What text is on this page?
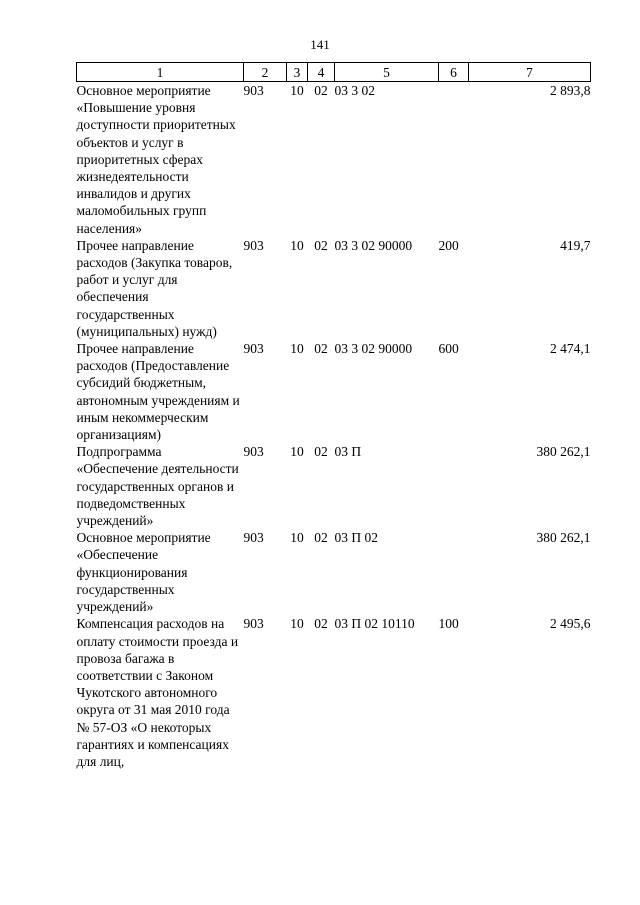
141
1	2	3	4	5	6	7
Основное мероприятие «Повышение уровня доступности приоритетных объектов и услуг в приоритетных сферах жизнедеятельности инвалидов и других маломобильных групп населения»	903	10	02	03 3 02		2 893,8
Прочее направление расходов (Закупка товаров, работ и услуг для обеспечения государственных (муниципальных) нужд)	903	10	02	03 3 02 90000	200	419,7
Прочее направление расходов (Предоставление субсидий бюджетным, автономным учреждениям и иным некоммерческим организациям)	903	10	02	03 3 02 90000	600	2 474,1
Подпрограмма «Обеспечение деятельности государственных органов и подведомственных учреждений»	903	10	02	03 П		380 262,1
Основное мероприятие «Обеспечение функционирования государственных учреждений»	903	10	02	03 П 02		380 262,1
Компенсация расходов на оплату стоимости проезда и провоза багажа в соответствии с Законом Чукотского автономного округа от 31 мая 2010 года № 57-ОЗ «О некоторых гарантиях и компенсациях для лиц,	903	10	02	03 П 02 10110	100	2 495,6
